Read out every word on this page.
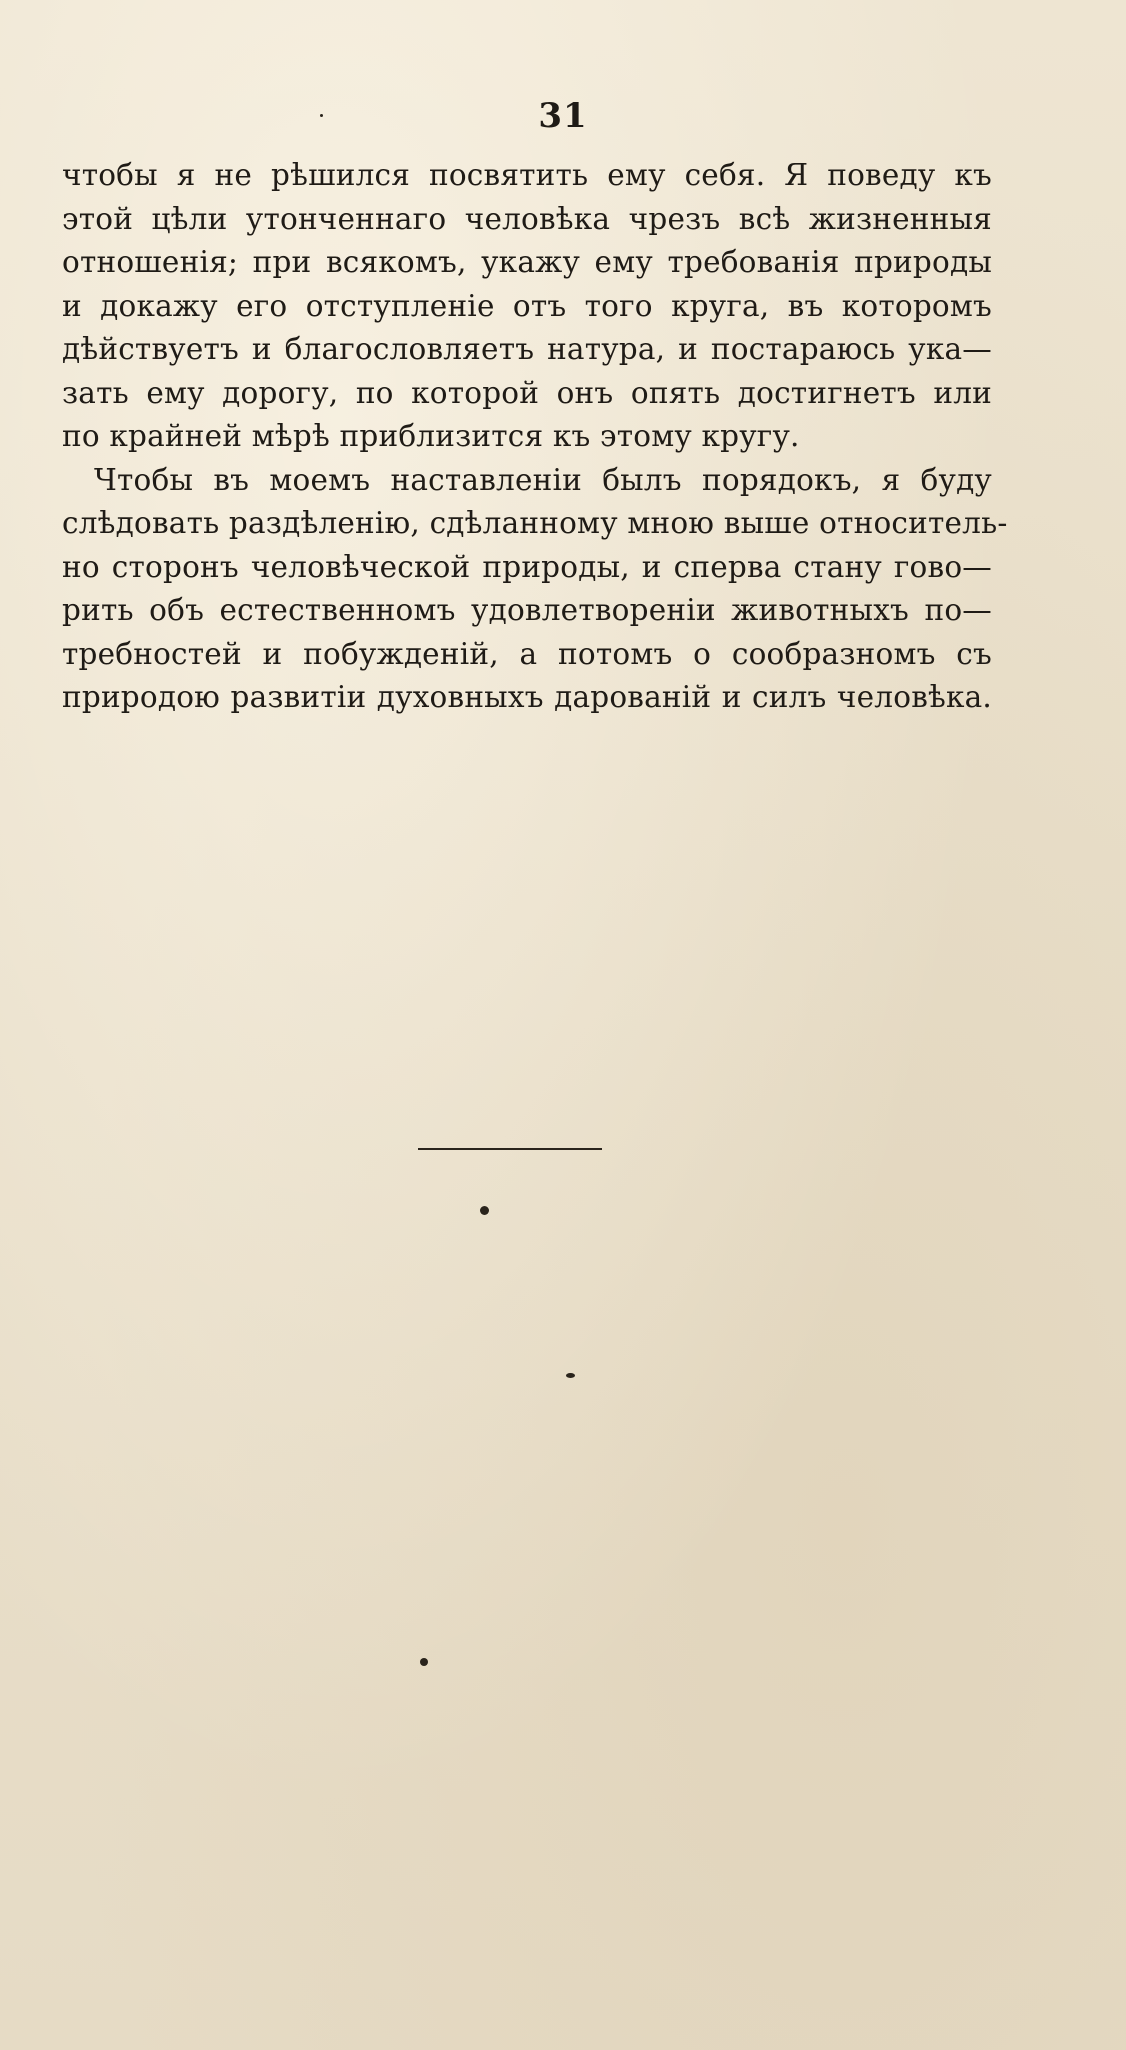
31
чтобы я не рѣшился посвятить ему себя. Я поведу къ
этой цѣли утонченнаго человѣка чрезъ всѣ жизненныя
отношенія; при всякомъ, укажу ему требованія природы
и докажу его отступленіе отъ того круга, въ которомъ
дѣйствуетъ и благословляетъ натура, и постараюсь ука—
зать ему дорогу, по которой онъ опять достигнетъ или
по крайней мѣрѣ приблизится къ этому кругу.
Чтобы въ моемъ наставленіи былъ порядокъ, я буду
слѣдовать раздѣленію, сдѣланному мною выше относитель-
но сторонъ человѣческой природы, и сперва стану гово—
рить объ естественномъ удовлетвореніи животныхъ по—
требностей и побужденій, а потомъ о сообразномъ съ
природою развитіи духовныхъ дарованій и силъ человѣка.
